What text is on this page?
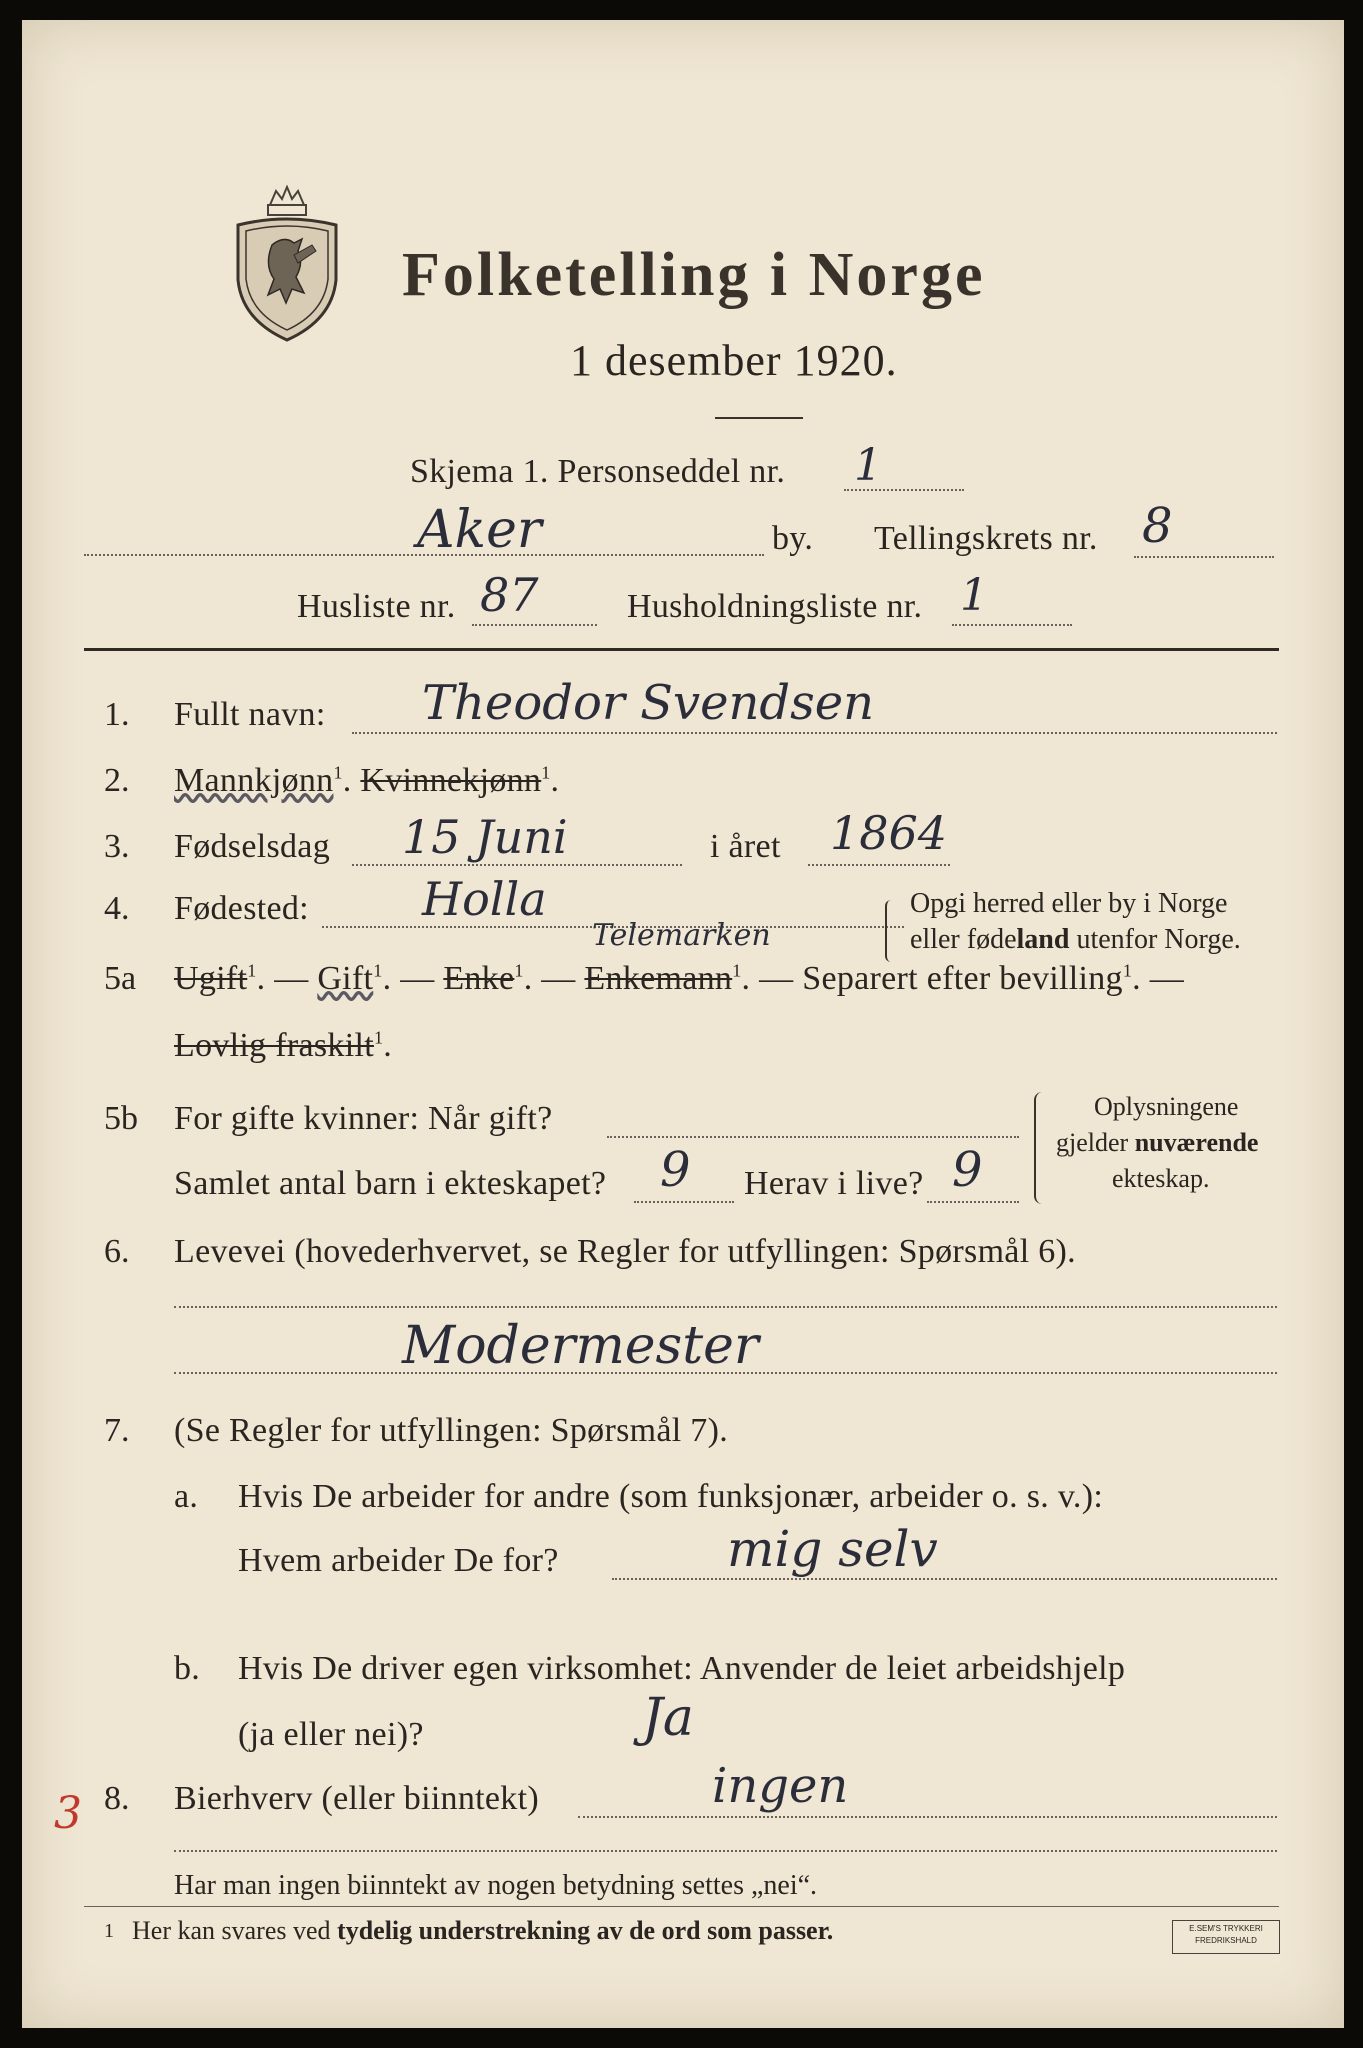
Folketelling i Norge
1 desember 1920.
Skjema 1. Personseddel nr. 1
Aker	by. Tellingskrets nr. 8
Husliste nr. 87	Husholdningsliste nr. 1
1. Fullt navn: Theodor Svendsen
2. Mannkjønn$^1$. Kvinnekjønn$^1$.
3. Fødselsdag 15 Juni	i året 1864
4. Fødested: Holla
Telemarken
Opgi herred eller by i Norge
eller fødeland utenfor Norge.
5a Ugift$^1$. — Gift$^1$. — Enke$^1$. — Enkemann$^1$. — Separert efter bevilling$^1$. —
Lovlig fraskilt$^1$.
5b For gifte kvinner: Når gift?
Samlet antal barn i ekteskapet? 9 Herav i live? 9
Oplysningene
gjelder nuværende
ekteskap.
6. Levevei (hovederhvervet, se Regler for utfyllingen: Spørsmål 6).
Modermester
7. (Se Regler for utfyllingen: Spørsmål 7).
a. Hvis De arbeider for andre (som funksjonær, arbeider o. s. v.):
Hvem arbeider De for?	mig selv
b. Hvis De driver egen virksomhet: Anvender de leiet arbeidshjelp
(ja eller nei)?	Ja
8. Bierhverv (eller biinntekt)	ingen
Har man ingen biinntekt av nogen betydning settes „nei“.
1 Her kan svares ved tydelig understrekning av de ord som passer.	E.SEM'S TRYKKERI
FREDRIKSHALD
3
